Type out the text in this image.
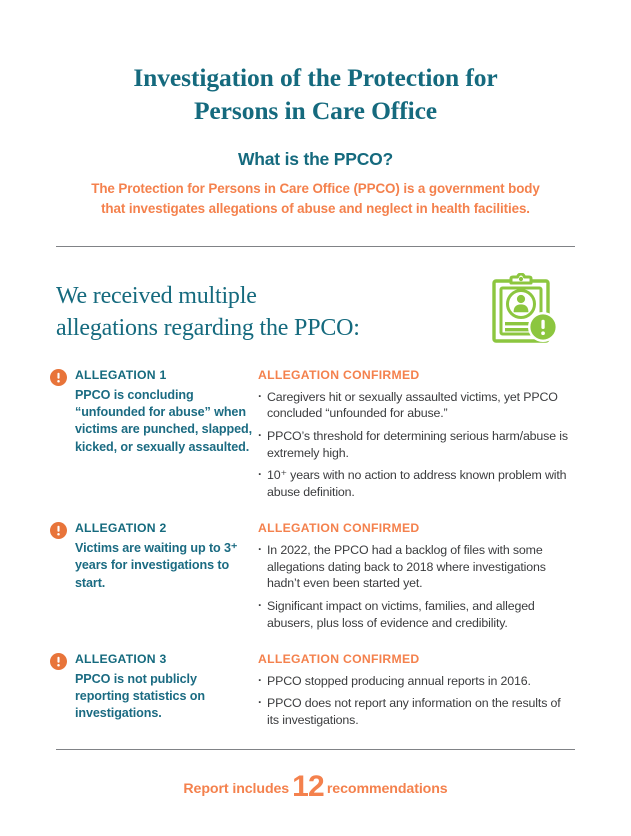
Investigation of the Protection for
Persons in Care Office
What is the PPCO?
The Protection for Persons in Care Office (PPCO) is a government body
that investigates allegations of abuse and neglect in health facilities.
We received multiple
allegations regarding the PPCO:
ALLEGATION 1
PPCO is concluding “unfounded for abuse” when victims are punched, slapped, kicked, or sexually assaulted.
ALLEGATION CONFIRMED
· Caregivers hit or sexually assaulted victims, yet PPCO concluded “unfounded for abuse.”
· PPCO’s threshold for determining serious harm/abuse is extremely high.
· 10⁺ years with no action to address known problem with abuse definition.
ALLEGATION 2
Victims are waiting up to 3⁺ years for investigations to start.
ALLEGATION CONFIRMED
· In 2022, the PPCO had a backlog of files with some allegations dating back to 2018 where investigations hadn’t even been started yet.
· Significant impact on victims, families, and alleged abusers, plus loss of evidence and credibility.
ALLEGATION 3
PPCO is not publicly reporting statistics on investigations.
ALLEGATION CONFIRMED
· PPCO stopped producing annual reports in 2016.
· PPCO does not report any information on the results of its investigations.
Report includes 12 recommendations
